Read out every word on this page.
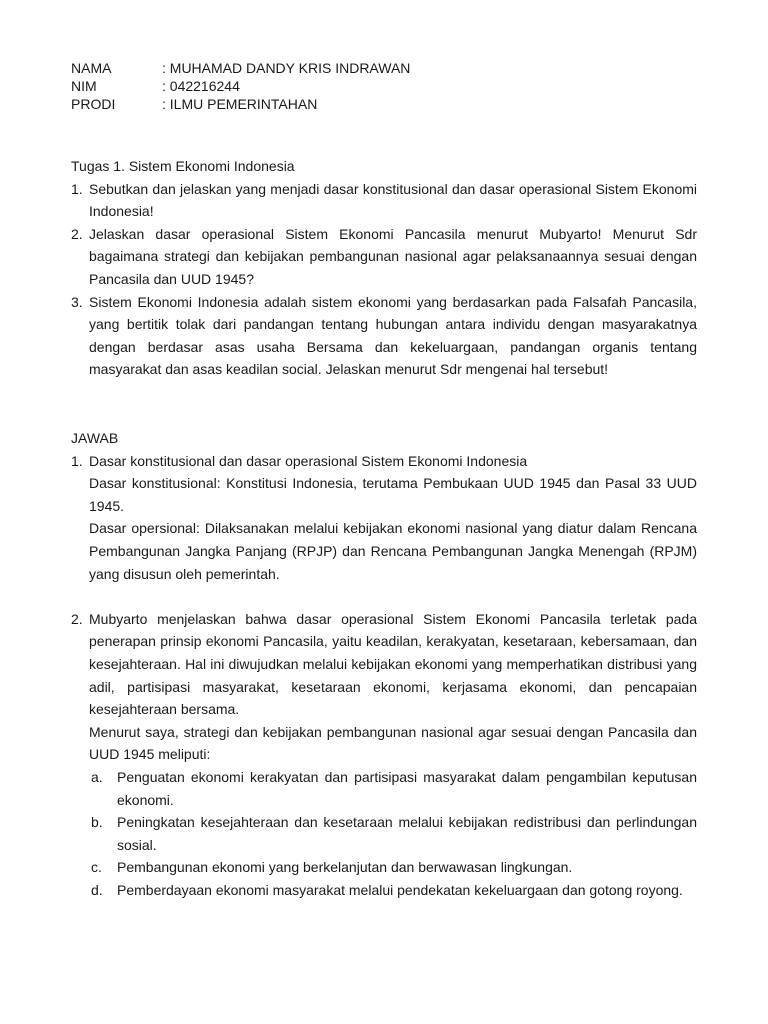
NAMA	: MUHAMAD DANDY KRIS INDRAWAN
NIM	: 042216244
PRODI	: ILMU PEMERINTAHAN
Tugas 1. Sistem Ekonomi Indonesia
1. Sebutkan dan jelaskan yang menjadi dasar konstitusional dan dasar operasional Sistem Ekonomi Indonesia!
2. Jelaskan dasar operasional Sistem Ekonomi Pancasila menurut Mubyarto! Menurut Sdr bagaimana strategi dan kebijakan pembangunan nasional agar pelaksanaannya sesuai dengan Pancasila dan UUD 1945?
3. Sistem Ekonomi Indonesia adalah sistem ekonomi yang berdasarkan pada Falsafah Pancasila, yang bertitik tolak dari pandangan tentang hubungan antara individu dengan masyarakatnya dengan berdasar asas usaha Bersama dan kekeluargaan, pandangan organis tentang masyarakat dan asas keadilan social. Jelaskan menurut Sdr mengenai hal tersebut!
JAWAB
1. Dasar konstitusional dan dasar operasional Sistem Ekonomi Indonesia
Dasar konstitusional: Konstitusi Indonesia, terutama Pembukaan UUD 1945 dan Pasal 33 UUD 1945.
Dasar opersional: Dilaksanakan melalui kebijakan ekonomi nasional yang diatur dalam Rencana Pembangunan Jangka Panjang (RPJP) dan Rencana Pembangunan Jangka Menengah (RPJM) yang disusun oleh pemerintah.
2. Mubyarto menjelaskan bahwa dasar operasional Sistem Ekonomi Pancasila terletak pada penerapan prinsip ekonomi Pancasila, yaitu keadilan, kerakyatan, kesetaraan, kebersamaan, dan kesejahteraan. Hal ini diwujudkan melalui kebijakan ekonomi yang memperhatikan distribusi yang adil, partisipasi masyarakat, kesetaraan ekonomi, kerjasama ekonomi, dan pencapaian kesejahteraan bersama.
Menurut saya, strategi dan kebijakan pembangunan nasional agar sesuai dengan Pancasila dan UUD 1945 meliputi:
a. Penguatan ekonomi kerakyatan dan partisipasi masyarakat dalam pengambilan keputusan ekonomi.
b. Peningkatan kesejahteraan dan kesetaraan melalui kebijakan redistribusi dan perlindungan sosial.
c. Pembangunan ekonomi yang berkelanjutan dan berwawasan lingkungan.
d. Pemberdayaan ekonomi masyarakat melalui pendekatan kekeluargaan dan gotong royong.
